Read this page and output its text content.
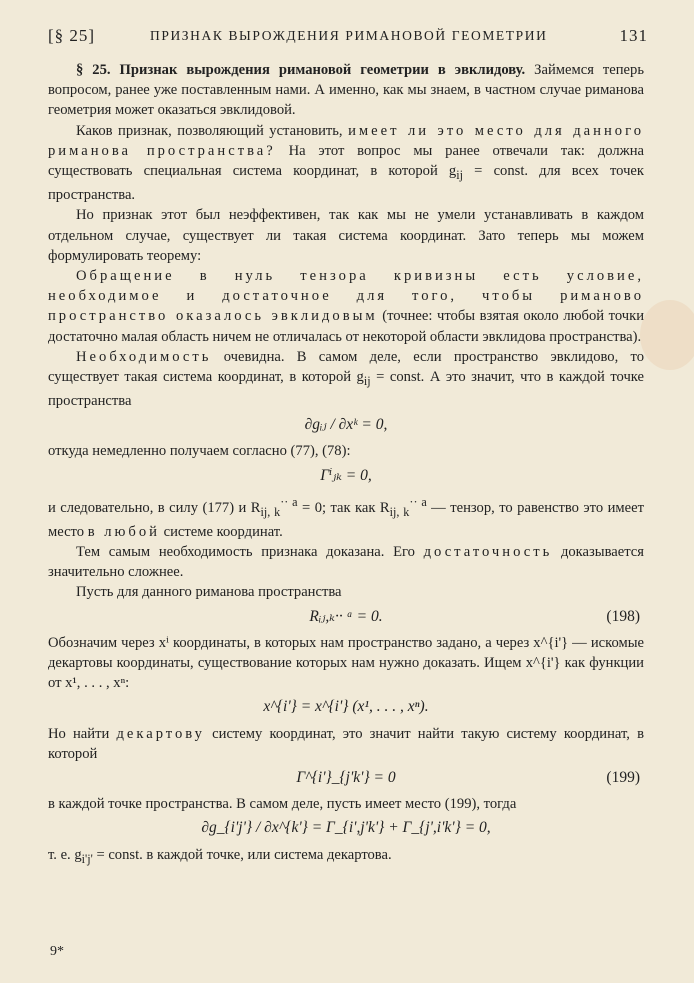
[§ 25]	ПРИЗНАК ВЫРОЖДЕНИЯ РИМАНОВОЙ ГЕОМЕТРИИ	131

§ 25. Признак вырождения римановой геометрии в эвклидову. Займемся теперь вопросом, ранее уже поставленным нами. А именно, как мы знаем, в частном случае риманова геометрия может оказаться эвклидовой.

Каков признак, позволяющий установить, имеет ли это место для данного риманова пространства? На этот вопрос мы ранее отвечали так: должна существовать специальная система координат, в которой $g_{ij}$ = const. для всех точек пространства.

Но признак этот был неэффективен, так как мы не умели устанавливать в каждом отдельном случае, существует ли такая система координат. Зато теперь мы можем формулировать теорему:

Обращение в нуль тензора кривизны есть условие, необходимое и достаточное для того, чтобы риманово пространство оказалось эвклидовым (точнее: чтобы взятая около любой точки достаточно малая область ничем не отличалась от некоторой области эвклидова пространства).

Необходимость очевидна. В самом деле, если пространство эвклидово, то существует такая система координат, в которой $g_{ij}$ = const. А это значит, что в каждой точке пространства

∂gᵢⱼ / ∂xᵏ = 0,

откуда немедленно получаем согласно (77), (78):

Γⁱⱼₖ = 0,

и следовательно, в силу (177) и $R_{ij, k}^{\cdot\cdot a} = 0$; так как $R_{ij, k}^{\cdot\cdot a}$ — тензор, то равенство это имеет место в любой системе координат.

Тем самым необходимость признака доказана. Его достаточность доказывается значительно сложнее.

Пусть для данного риманова пространства

Rᵢⱼ,ₖ·· ᵃ = 0.	(198)

Обозначим через xⁱ координаты, в которых нам пространство задано, а через x^{i'} — искомые декартовы координаты, существование которых нам нужно доказать. Ищем x^{i'} как функции от x¹, . . . , xⁿ:

x^{i'} = x^{i'} (x¹, . . . , xⁿ).

Но найти декартову систему координат, это значит найти такую систему координат, в которой

Γ^{i'}_{j'k'} = 0	(199)

в каждой точке пространства. В самом деле, пусть имеет место (199), тогда

∂g_{i'j'} / ∂x^{k'} = Γ_{i',j'k'} + Γ_{j',i'k'} = 0,

т. е. $g_{i'j'}$ = const. в каждой точке, или система декартова.

9*
